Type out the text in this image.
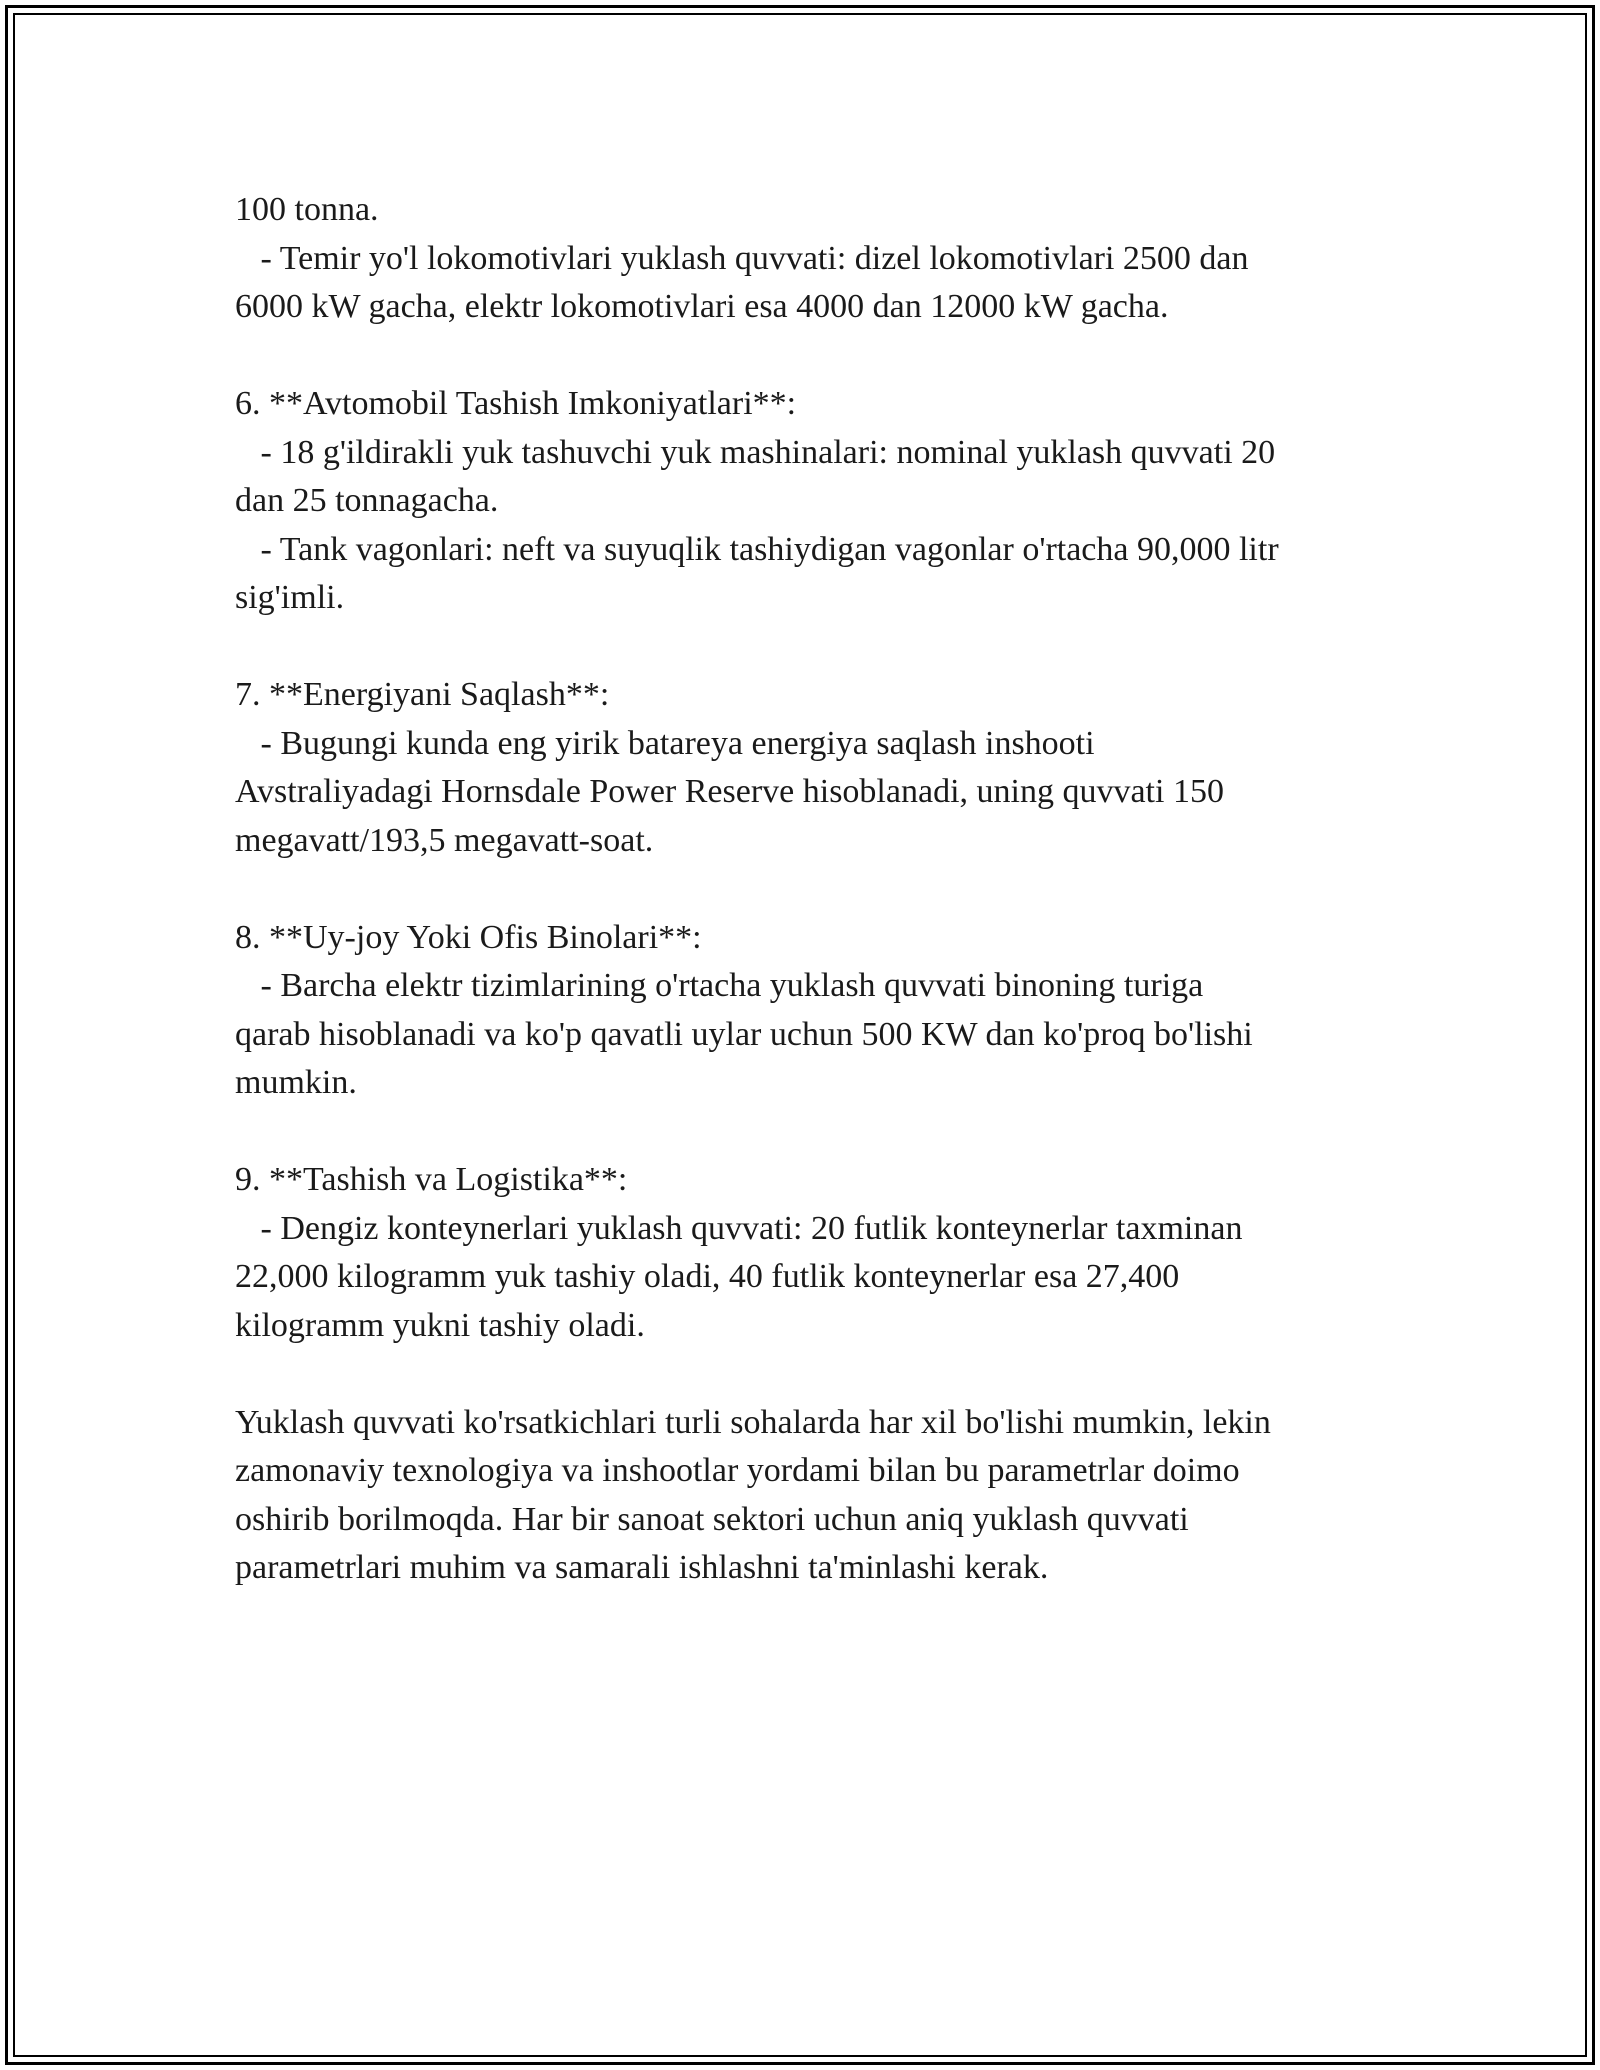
100 tonna.

- Temir yo'l lokomotivlari yuklash quvvati: dizel lokomotivlari 2500 dan

6000 kW gacha, elektr lokomotivlari esa 4000 dan 12000 kW gacha.

6. **Avtomobil Tashish Imkoniyatlari**:

- 18 g'ildirakli yuk tashuvchi yuk mashinalari: nominal yuklash quvvati 20

dan 25 tonnagacha.

- Tank vagonlari: neft va suyuqlik tashiydigan vagonlar o'rtacha 90,000 litr

sig'imli.

7. **Energiyani Saqlash**:

- Bugungi kunda eng yirik batareya energiya saqlash inshooti

Avstraliyadagi Hornsdale Power Reserve hisoblanadi, uning quvvati 150

megavatt/193,5 megavatt-soat.

8. **Uy-joy Yoki Ofis Binolari**:

- Barcha elektr tizimlarining o'rtacha yuklash quvvati binoning turiga

qarab hisoblanadi va ko'p qavatli uylar uchun 500 KW dan ko'proq bo'lishi

mumkin.

9. **Tashish va Logistika**:

- Dengiz konteynerlari yuklash quvvati: 20 futlik konteynerlar taxminan

22,000 kilogramm yuk tashiy oladi, 40 futlik konteynerlar esa 27,400

kilogramm yukni tashiy oladi.

Yuklash quvvati ko'rsatkichlari turli sohalarda har xil bo'lishi mumkin, lekin

zamonaviy texnologiya va inshootlar yordami bilan bu parametrlar doimo

oshirib borilmoqda. Har bir sanoat sektori uchun aniq yuklash quvvati

parametrlari muhim va samarali ishlashni ta'minlashi kerak.
